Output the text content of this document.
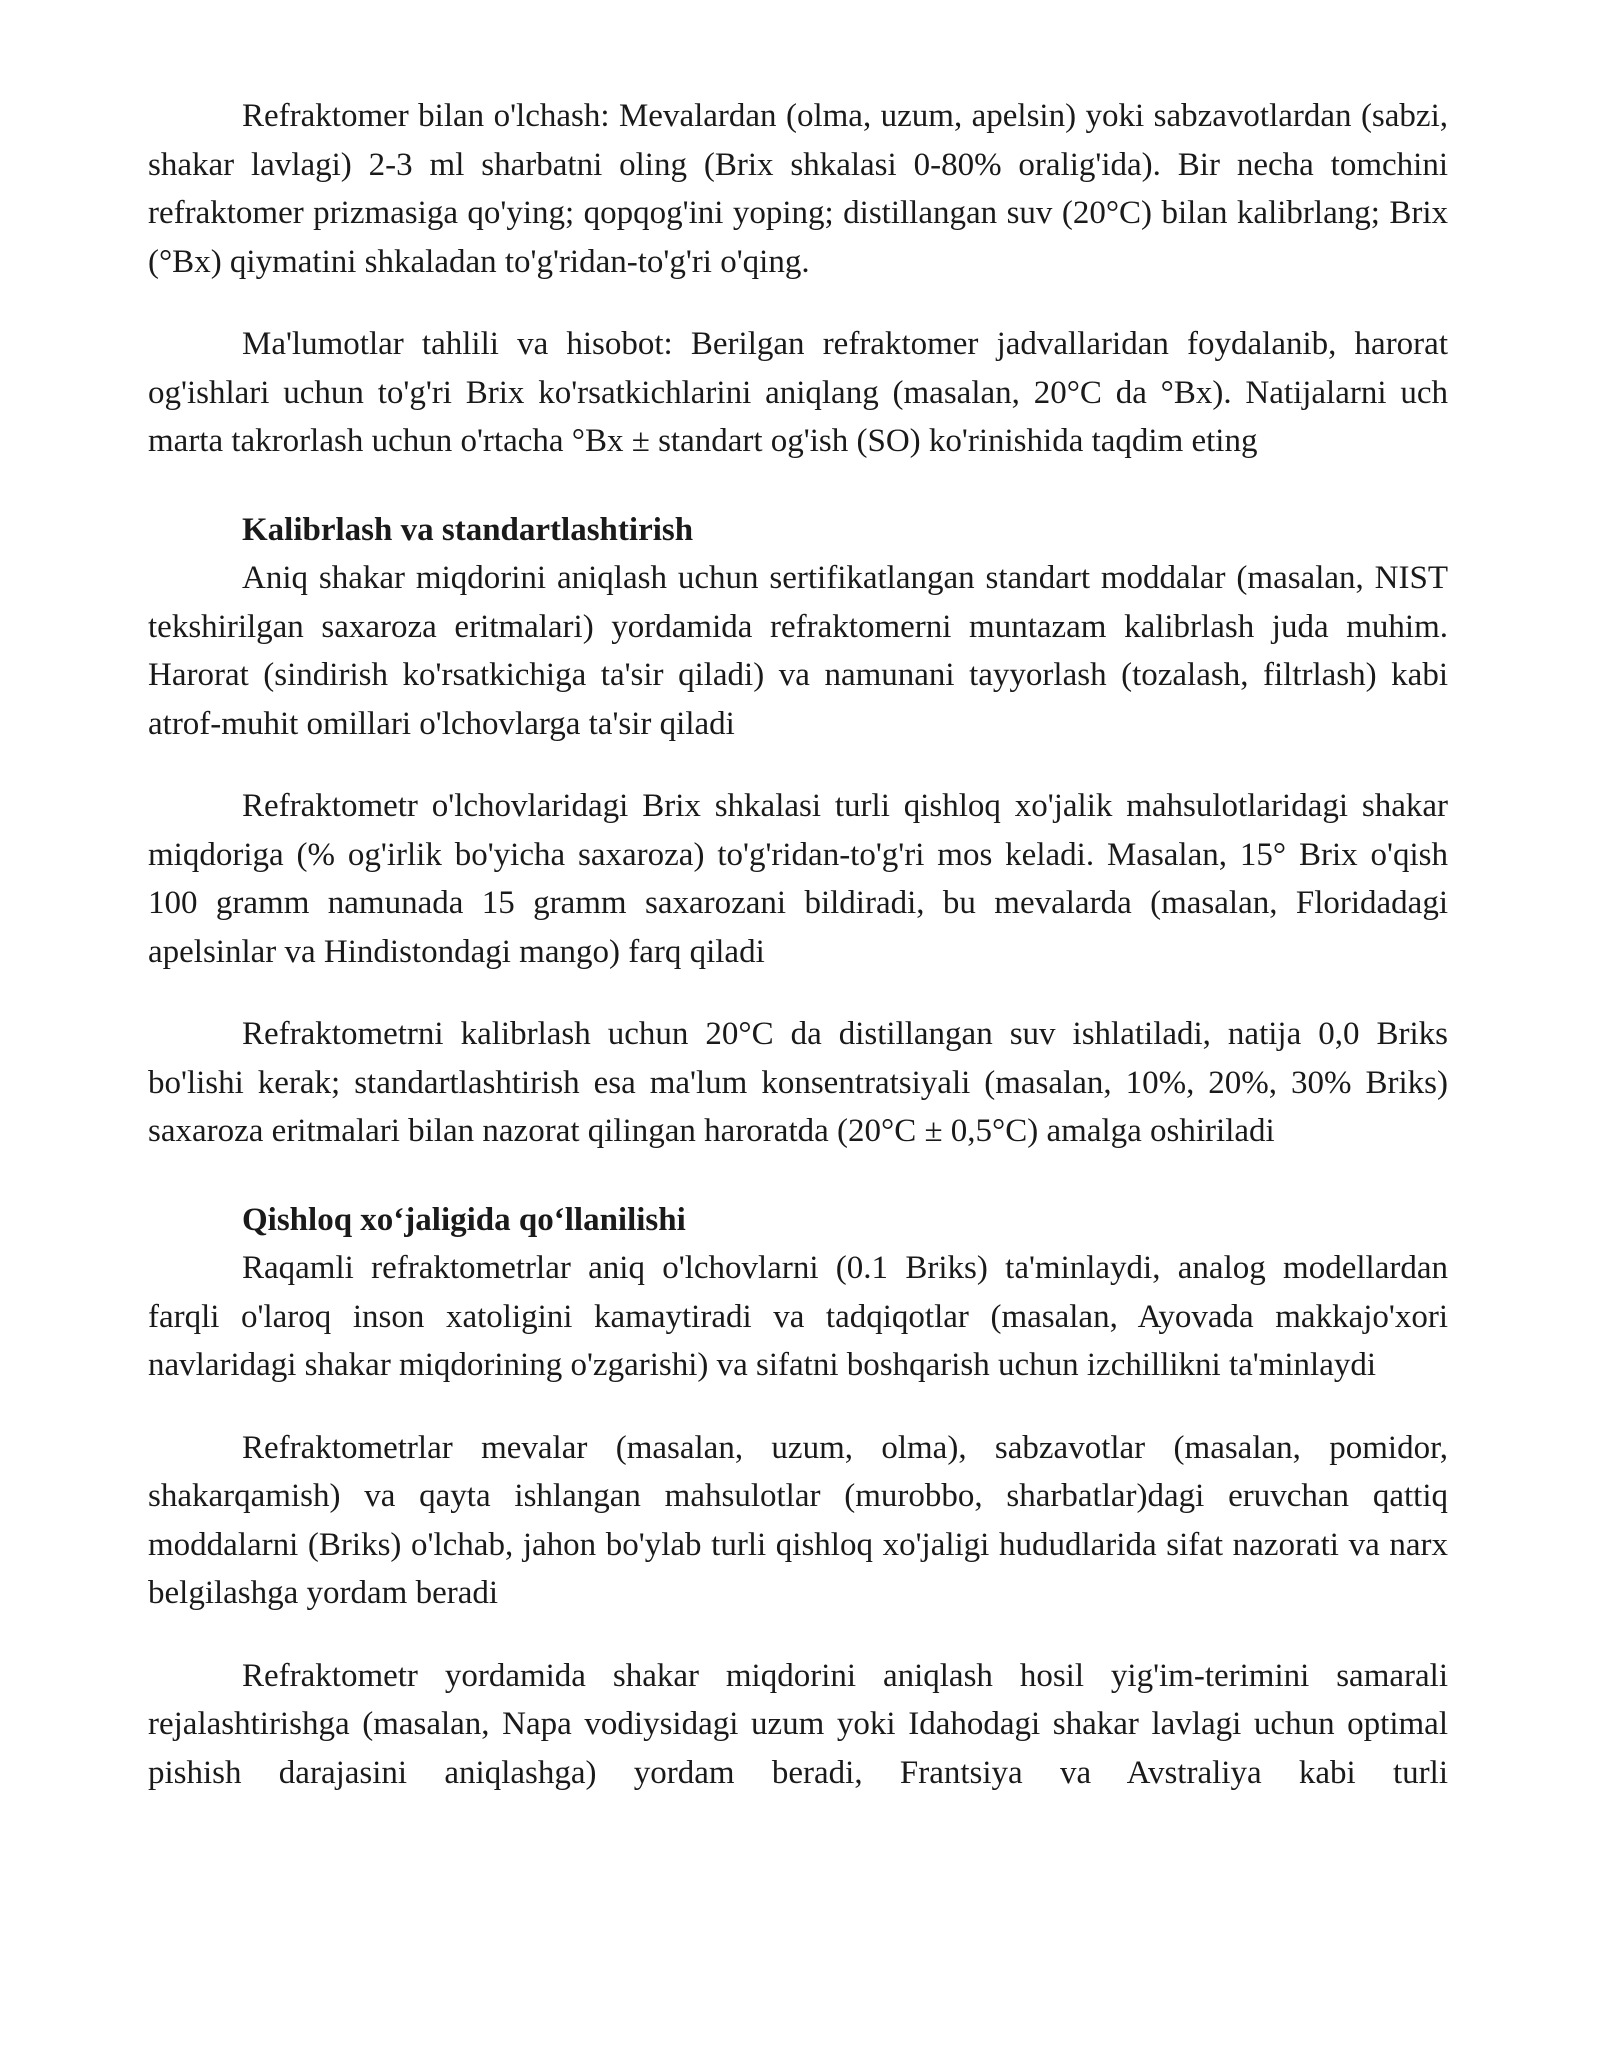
Refraktomer bilan o'lchash: Mevalardan (olma, uzum, apelsin) yoki sabzavotlardan (sabzi, shakar lavlagi) 2-3 ml sharbatni oling (Brix shkalasi 0-80% oralig'ida). Bir necha tomchini refraktomer prizmasiga qo'ying; qopqog'ini yoping; distillangan suv (20°C) bilan kalibrlang; Brix (°Bx) qiymatini shkaladan to'g'ridan-to'g'ri o'qing.

Ma'lumotlar tahlili va hisobot: Berilgan refraktomer jadvallaridan foydalanib, harorat og'ishlari uchun to'g'ri Brix ko'rsatkichlarini aniqlang (masalan, 20°C da °Bx). Natijalarni uch marta takrorlash uchun o'rtacha °Bx ± standart og'ish (SO) ko'rinishida taqdim eting

Kalibrlash va standartlashtirish

Aniq shakar miqdorini aniqlash uchun sertifikatlangan standart moddalar (masalan, NIST tekshirilgan saxaroza eritmalari) yordamida refraktomerni muntazam kalibrlash juda muhim. Harorat (sindirish ko'rsatkichiga ta'sir qiladi) va namunani tayyorlash (tozalash, filtrlash) kabi atrof-muhit omillari o'lchovlarga ta'sir qiladi

Refraktometr o'lchovlaridagi Brix shkalasi turli qishloq xo'jalik mahsulotlaridagi shakar miqdoriga (% og'irlik bo'yicha saxaroza) to'g'ridan-to'g'ri mos keladi. Masalan, 15° Brix o'qish 100 gramm namunada 15 gramm saxarozani bildiradi, bu mevalarda (masalan, Floridadagi apelsinlar va Hindistondagi mango) farq qiladi

Refraktometrni kalibrlash uchun 20°C da distillangan suv ishlatiladi, natija 0,0 Briks bo'lishi kerak; standartlashtirish esa ma'lum konsentratsiyali (masalan, 10%, 20%, 30% Briks) saxaroza eritmalari bilan nazorat qilingan haroratda (20°C ± 0,5°C) amalga oshiriladi

Qishloq xoʻjaligida qoʻllanilishi

Raqamli refraktometrlar aniq o'lchovlarni (0.1 Briks) ta'minlaydi, analog modellardan farqli o'laroq inson xatoligini kamaytiradi va tadqiqotlar (masalan, Ayovada makkajo'xori navlaridagi shakar miqdorining o'zgarishi) va sifatni boshqarish uchun izchillikni ta'minlaydi

Refraktometrlar mevalar (masalan, uzum, olma), sabzavotlar (masalan, pomidor, shakarqamish) va qayta ishlangan mahsulotlar (murobbo, sharbatlar)dagi eruvchan qattiq moddalarni (Briks) o'lchab, jahon bo'ylab turli qishloq xo'jaligi hududlarida sifat nazorati va narx belgilashga yordam beradi

Refraktometr yordamida shakar miqdorini aniqlash hosil yig'im-terimini samarali rejalashtirishga (masalan, Napa vodiysidagi uzum yoki Idahodagi shakar lavlagi uchun optimal pishish darajasini aniqlashga) yordam beradi, Frantsiya va Avstraliya kabi turli
